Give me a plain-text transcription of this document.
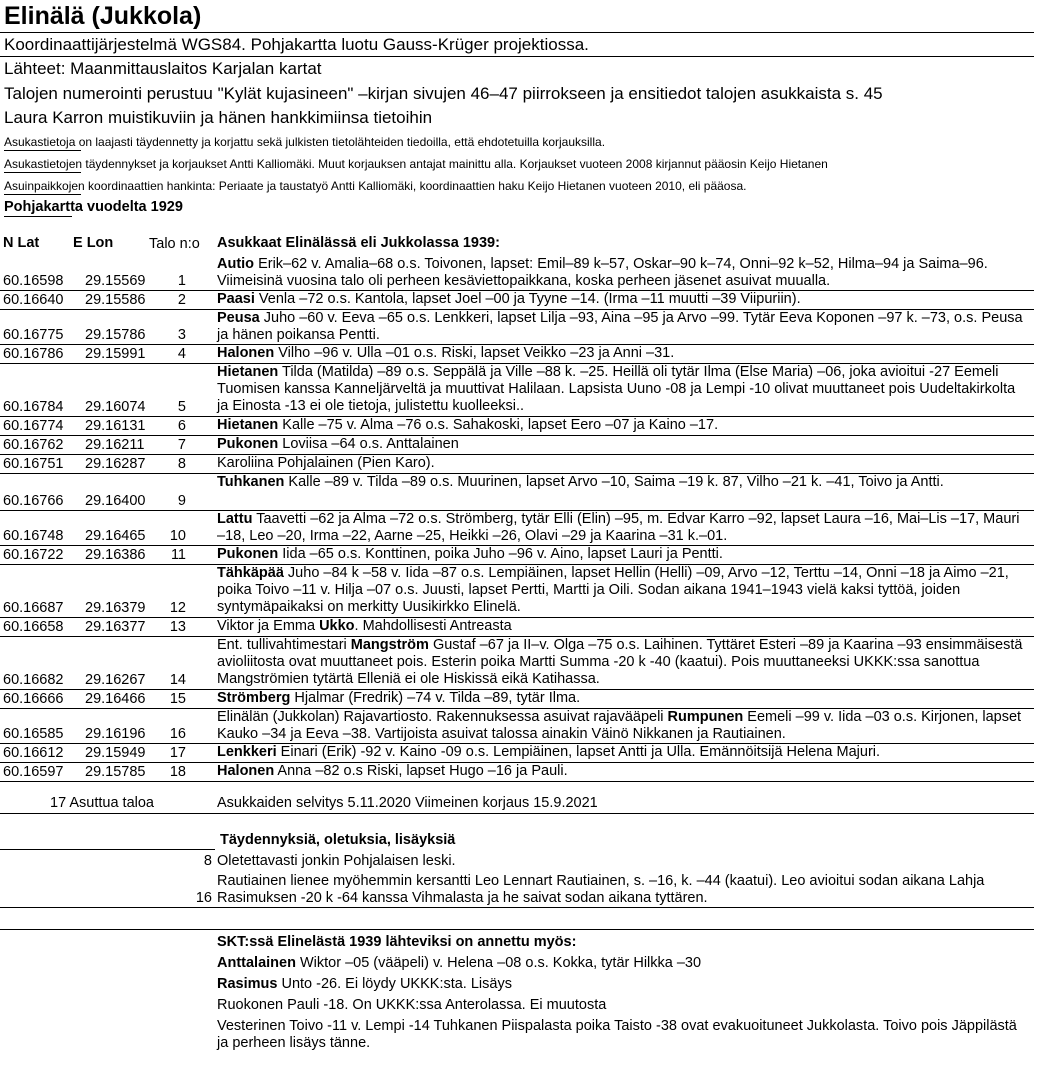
Elinälä (Jukkola)
Koordinaattijärjestelmä WGS84. Pohjakartta luotu Gauss-Krüger projektiossa.
Lähteet: Maanmittauslaitos Karjalan kartat
Talojen numerointi perustuu "Kylät kujasineen" –kirjan sivujen 46–47 piirrokseen ja ensitiedot talojen asukkaista s. 45
Laura Karron muistikuviin ja hänen hankkimiinsa tietoihin
Asukastietoja on laajasti täydennetty ja korjattu sekä julkisten tietolähteiden tiedoilla, että ehdotetuilla korjauksilla.
Asukastietojen täydennykset ja korjaukset Antti Kalliomäki. Muut korjauksen antajat mainittu alla. Korjaukset vuoteen 2008 kirjannut pääosin Keijo Hietanen
Asuinpaikkojen koordinaattien hankinta: Periaate ja taustatyö Antti Kalliomäki, koordinaattien haku Keijo Hietanen vuoteen 2010, eli pääosa.
Pohjakartta vuodelta 1929
N Lat E Lon Talo n:o Asukkaat Elinälässä eli Jukkolassa 1939:
60.16598 29.15569	1
Autio Erik–62 v. Amalia–68 o.s. Toivonen, lapset: Emil–89 k–57, Oskar–90 k–74, Onni–92 k–52, Hilma–94 ja Saima–96. Viimeisinä vuosina talo oli perheen kesäviettopaikkana, koska perheen jäsenet asuivat muualla.
60.16640 29.15586	2 Paasi Venla –72 o.s. Kantola, lapset Joel –00 ja Tyyne –14. (Irma –11 muutti –39 Viipuriin).
60.16775 29.15786	3
Peusa Juho –60 v. Eeva –65 o.s. Lenkkeri, lapset Lilja –93, Aina –95 ja Arvo –99. Tytär Eeva Koponen –97 k. –73, o.s. Peusa ja hänen poikansa Pentti.
60.16786 29.15991	4 Halonen Vilho –96 v. Ulla –01 o.s. Riski, lapset Veikko –23 ja Anni –31.
60.16784 29.16074	5
Hietanen Tilda (Matilda) –89 o.s. Seppälä ja Ville –88 k. –25. Heillä oli tytär Ilma (Else Maria) –06, joka avioitui -27 Eemeli Tuomisen kanssa Kanneljärveltä ja muuttivat Halilaan. Lapsista Uuno -08 ja Lempi -10 olivat muuttaneet pois Uudeltakirkolta ja Einosta -13 ei ole tietoja, julistettu kuolleeksi..
60.16774 29.16131	6 Hietanen Kalle –75 v. Alma –76 o.s. Sahakoski, lapset Eero –07 ja Kaino –17.
60.16762 29.16211	7 Pukonen Loviisa –64 o.s. Anttalainen
60.16751 29.16287	8 Karoliina Pohjalainen (Pien Karo).
60.16766 29.16400	9
Tuhkanen Kalle –89 v. Tilda –89 o.s. Muurinen, lapset Arvo –10, Saima –19 k. 87, Vilho –21 k. –41, Toivo ja Antti.
60.16748 29.16465	10
Lattu Taavetti –62 ja Alma –72 o.s. Strömberg, tytär Elli (Elin) –95, m. Edvar Karro –92, lapset Laura –16, Mai–Lis –17, Mauri –18, Leo –20, Irma –22, Aarne –25, Heikki –26, Olavi –29 ja Kaarina –31 k.–01.
60.16722 29.16386	11 Pukonen Iida –65 o.s. Konttinen, poika Juho –96 v. Aino, lapset Lauri ja Pentti.
60.16687 29.16379	12
Tähkäpää Juho –84 k –58 v. Iida –87 o.s. Lempiäinen, lapset Hellin (Helli) –09, Arvo –12, Terttu –14, Onni –18 ja Aimo –21, poika Toivo –11 v. Hilja –07 o.s. Juusti, lapset Pertti, Martti ja Oili. Sodan aikana 1941–1943 vielä kaksi tyttöä, joiden syntymäpaikaksi on merkitty Uusikirkko Elinelä.
60.16658 29.16377	13 Viktor ja Emma Ukko. Mahdollisesti Antreasta
60.16682 29.16267	14
Ent. tullivahtimestari Mangström Gustaf –67 ja II–v. Olga –75 o.s. Laihinen. Tyttäret Esteri –89 ja Kaarina –93 ensimmäisestä avioliitosta ovat muuttaneet pois. Esterin poika Martti Summa -20 k -40 (kaatui). Pois muuttaneeksi UKKK:ssa sanottua Mangströmien tytärtä Elleniä ei ole Hiskissä eikä Katihassa.
60.16666 29.16466	15 Strömberg Hjalmar (Fredrik) –74 v. Tilda –89, tytär Ilma.
60.16585 29.16196	16
Elinälän (Jukkolan) Rajavartiosto. Rakennuksessa asuivat rajavääpeli Rumpunen Eemeli –99 v. Iida –03 o.s. Kirjonen, lapset Kauko –34 ja Eeva –38. Vartijoista asuivat talossa ainakin Väinö Nikkanen ja Rautiainen.
60.16612 29.15949	17 Lenkkeri Einari (Erik) -92 v. Kaino -09 o.s. Lempiäinen, lapset Antti ja Ulla. Emännöitsijä Helena Majuri.
60.16597 29.15785	18 Halonen Anna –82 o.s Riski, lapset Hugo –16 ja Pauli.
17 Asuttua taloa	Asukkaiden selvitys 5.11.2020 Viimeinen korjaus 15.9.2021
Täydennyksiä, oletuksia, lisäyksiä
8 Oletettavasti jonkin Pohjalaisen leski.
16
Rautiainen lienee myöhemmin kersantti Leo Lennart Rautiainen, s. –16, k. –44 (kaatui). Leo avioitui sodan aikana Lahja Rasimuksen -20 k -64 kanssa Vihmalasta ja he saivat sodan aikana tyttären.

SKT:ssä Elinelästä 1939 lähteviksi on annettu myös:

Anttalainen Wiktor –05 (vääpeli) v. Helena –08 o.s. Kokka, tytär Hilkka –30

Rasimus Unto -26. Ei löydy UKKK:sta. Lisäys

Ruokonen Pauli -18. On UKKK:ssa Anterolassa. Ei muutosta

Vesterinen Toivo -11 v. Lempi -14 Tuhkanen Piispalasta poika Taisto -38 ovat evakuoituneet Jukkolasta. Toivo pois Jäppilästä ja perheen lisäys tänne.
